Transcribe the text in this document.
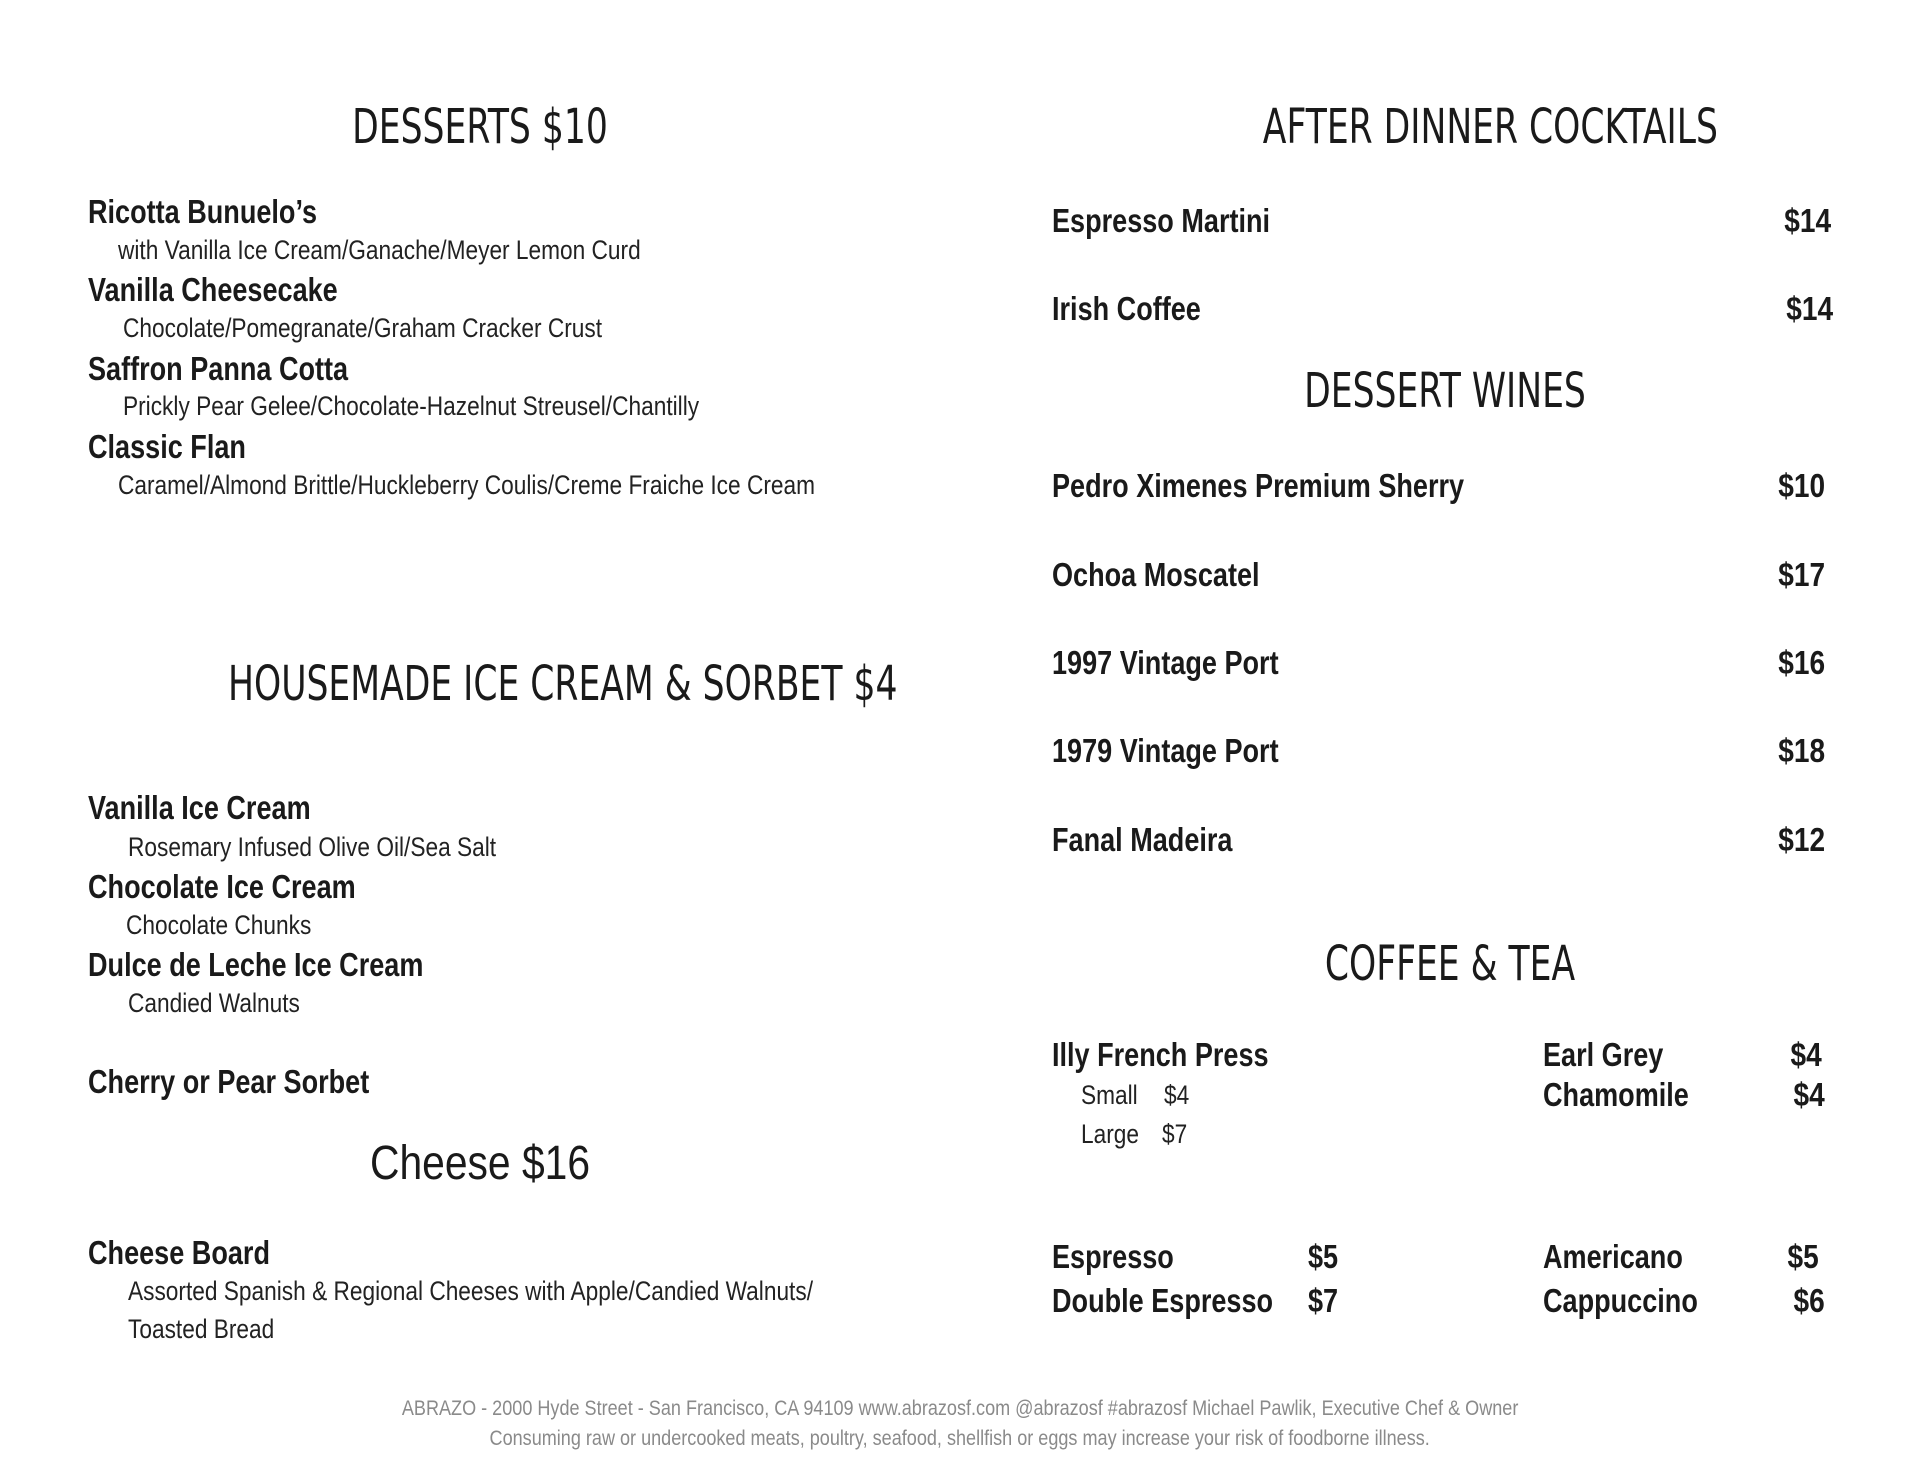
DESSERTS $10
Ricotta Bunuelo’s
with Vanilla Ice Cream/Ganache/Meyer Lemon Curd
Vanilla Cheesecake
Chocolate/Pomegranate/Graham Cracker Crust
Saffron Panna Cotta
Prickly Pear Gelee/Chocolate-Hazelnut Streusel/Chantilly
Classic Flan
Caramel/Almond Brittle/Huckleberry Coulis/Creme Fraiche Ice Cream
HOUSEMADE ICE CREAM & SORBET $4
Vanilla Ice Cream
Rosemary Infused Olive Oil/Sea Salt
Chocolate Ice Cream
Chocolate Chunks
Dulce de Leche Ice Cream
Candied Walnuts
Cherry or Pear Sorbet
Cheese $16
Cheese Board
Assorted Spanish & Regional Cheeses with Apple/Candied Walnuts/
Toasted Bread
AFTER DINNER COCKTAILS
Espresso Martini	$14
Irish Coffee	$14
DESSERT WINES
Pedro Ximenes Premium Sherry	$10
Ochoa Moscatel	$17
1997 Vintage Port	$16
1979 Vintage Port	$18
Fanal Madeira	$12
COFFEE & TEA
Illy French Press
Small $4
Large $7
Earl Grey	$4
Chamomile	$4
Espresso	$5
Double Espresso $7
Americano	$5
Cappuccino	$6
ABRAZO - 2000 Hyde Street - San Francisco, CA 94109 www.abrazosf.com @abrazosf #abrazosf Michael Pawlik, Executive Chef & Owner
Consuming raw or undercooked meats, poultry, seafood, shellfish or eggs may increase your risk of foodborne illness.
